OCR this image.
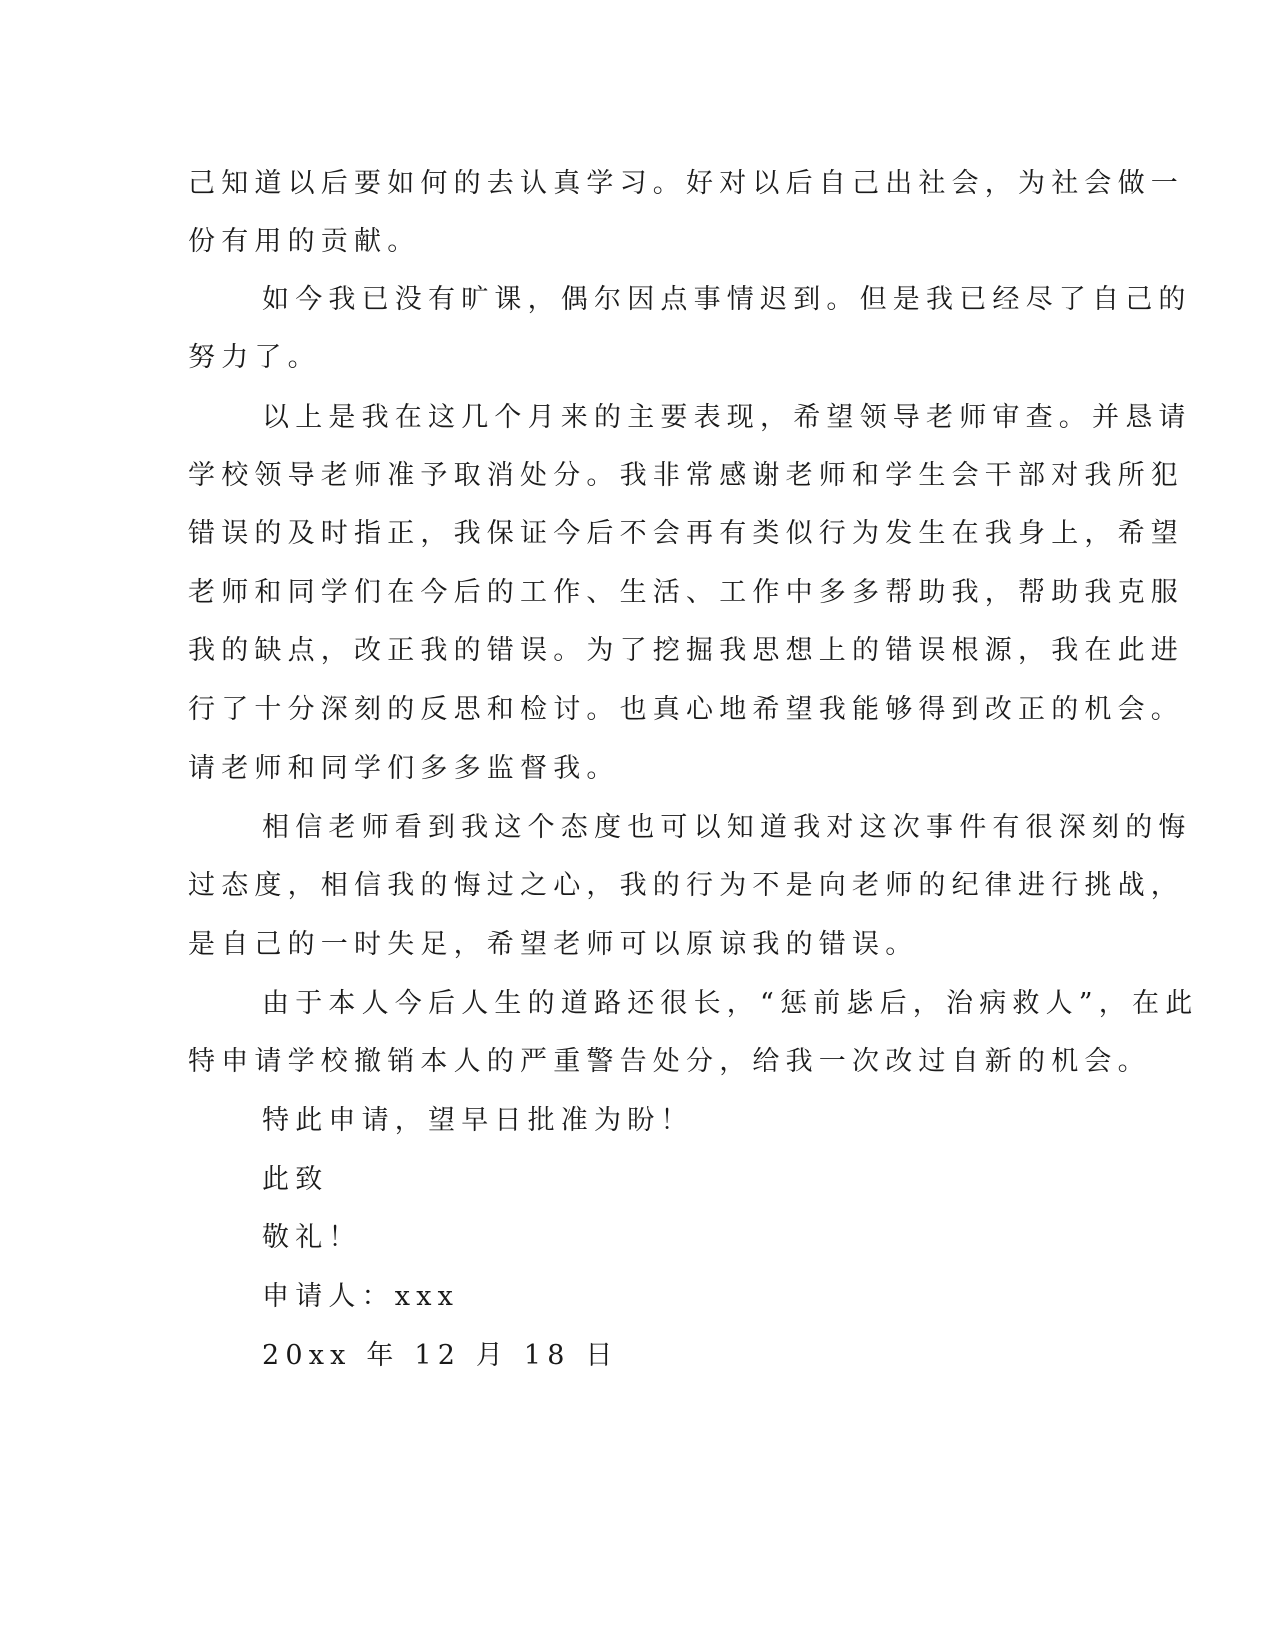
己知道以后要如何的去认真学习。好对以后自己出社会，为社会做一
份有用的贡献。
如今我已没有旷课，偶尔因点事情迟到。但是我已经尽了自己的
努力了。
以上是我在这几个月来的主要表现，希望领导老师审查。并恳请
学校领导老师准予取消处分。我非常感谢老师和学生会干部对我所犯
错误的及时指正，我保证今后不会再有类似行为发生在我身上，希望
老师和同学们在今后的工作、生活、工作中多多帮助我，帮助我克服
我的缺点，改正我的错误。为了挖掘我思想上的错误根源，我在此进
行了十分深刻的反思和检讨。也真心地希望我能够得到改正的机会。
请老师和同学们多多监督我。
相信老师看到我这个态度也可以知道我对这次事件有很深刻的悔
过态度，相信我的悔过之心，我的行为不是向老师的纪律进行挑战，
是自己的一时失足，希望老师可以原谅我的错误。
由于本人今后人生的道路还很长，“惩前毖后，治病救人”，在此
特申请学校撤销本人的严重警告处分，给我一次改过自新的机会。
特此申请，望早日批准为盼！
此致
敬礼！
申请人：xxx
20xx 年 12 月 18 日
